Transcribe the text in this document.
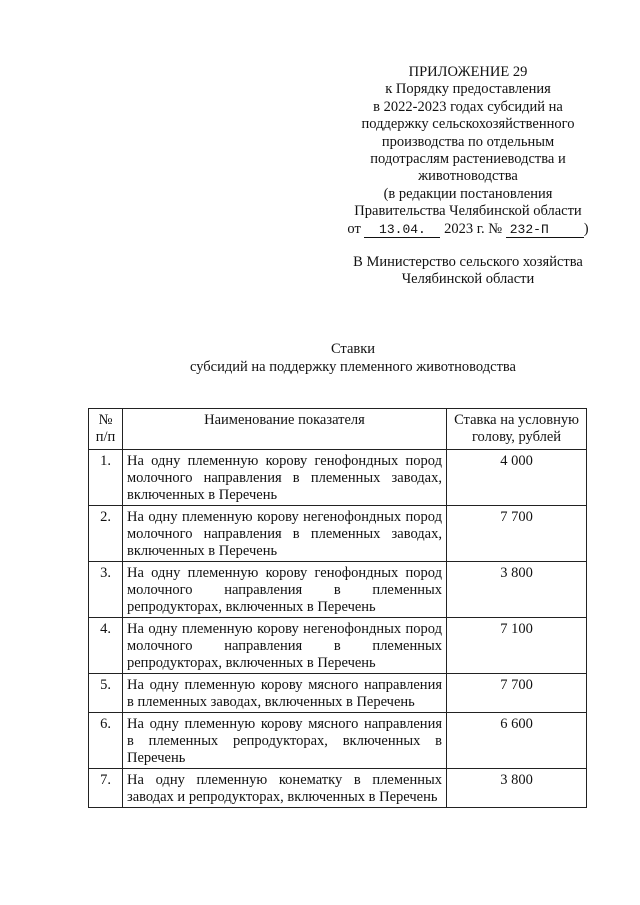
ПРИЛОЖЕНИЕ 29
к Порядку предоставления
в 2022-2023 годах субсидий на
поддержку сельскохозяйственного
производства по отдельным
подотраслям растениеводства и
животноводства
(в редакции постановления
Правительства Челябинской области
от 13.04. 2023 г. № 232-П )
В Министерство сельского хозяйства
Челябинской области
Ставки
субсидий на поддержку племенного животноводства
№ п/п	Наименование показателя	Ставка на условную голову, рублей
1.	На одну племенную корову генофондных пород молочного направления в племенных заводах, включенных в Перечень	4 000
2.	На одну племенную корову негенофондных пород молочного направления в племенных заводах, включенных в Перечень	7 700
3.	На одну племенную корову генофондных пород молочного направления в племенных репродукторах, включенных в Перечень	3 800
4.	На одну племенную корову негенофондных пород молочного направления в племенных репродукторах, включенных в Перечень	7 100
5.	На одну племенную корову мясного направления в племенных заводах, включенных в Перечень	7 700
6.	На одну племенную корову мясного направления в племенных репродукторах, включенных в Перечень	6 600
7.	На одну племенную конематку в племенных заводах и репродукторах, включенных в Перечень	3 800
